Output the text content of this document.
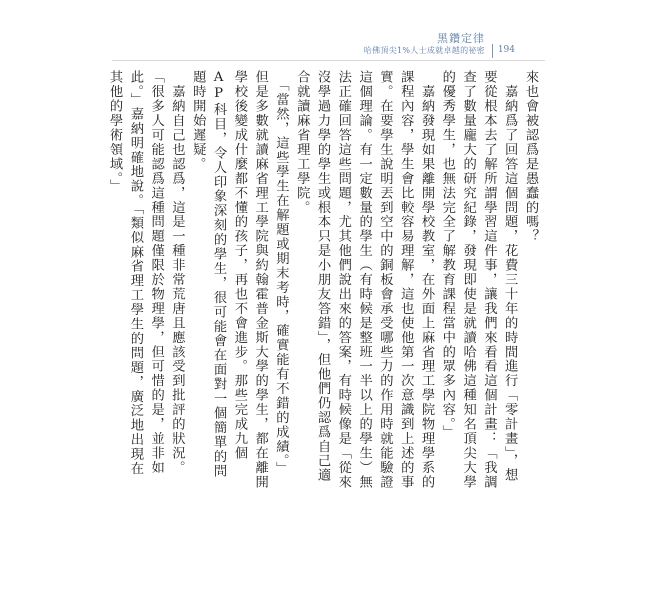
黑鑽定律
哈佛頂尖1%人士成就卓越的祕密 194

來也會被認爲是愚蠢的嗎？

　嘉納爲了回答這個問題，花費三十年的時間進行「零計畫」，想要從根本去了解所謂學習這件事，讓我們來看看這個計畫：「我調查了數量龐大的研究紀錄，發現即使是就讀哈佛這種知名頂尖大學的優秀學生，也無法完全了解教育課程當中的眾多內容。」

　嘉納發現如果離開學校教室，在外面上麻省理工學院物理學系的課程內容，學生會比較容易理解，這也使他第一次意識到上述的事實。在要學生說明丟到空中的銅板會承受哪些力的作用時就能驗證這個理論。有一定數量的學生（有時候是整班一半以上的學生）無法正確回答這些問題，尤其他們說出來的答案，有時候像是「從來沒學過力學的學生或根本只是小朋友答錯」，但他們仍認爲自己適合就讀麻省理工學院。

　「當然，這些學生在解題或期末考時，確實能有不錯的成績。」但是多數就讀麻省理工學院與約翰霍普金斯大學的學生，都在離開學校後變成什麼都不懂的孩子，再也不會進步。那些完成九個AP科目，令人印象深刻的學生，很可能會在面對一個簡單的問題時開始遲疑。

　嘉納自己也認爲，這是一種非常荒唐且應該受到批評的狀況。「很多人可能認爲這種問題僅限於物理學，但可惜的是，並非如此。」嘉納明確地說。「類似麻省理工學生的問題，廣泛地出現在其他的學術領域。」
